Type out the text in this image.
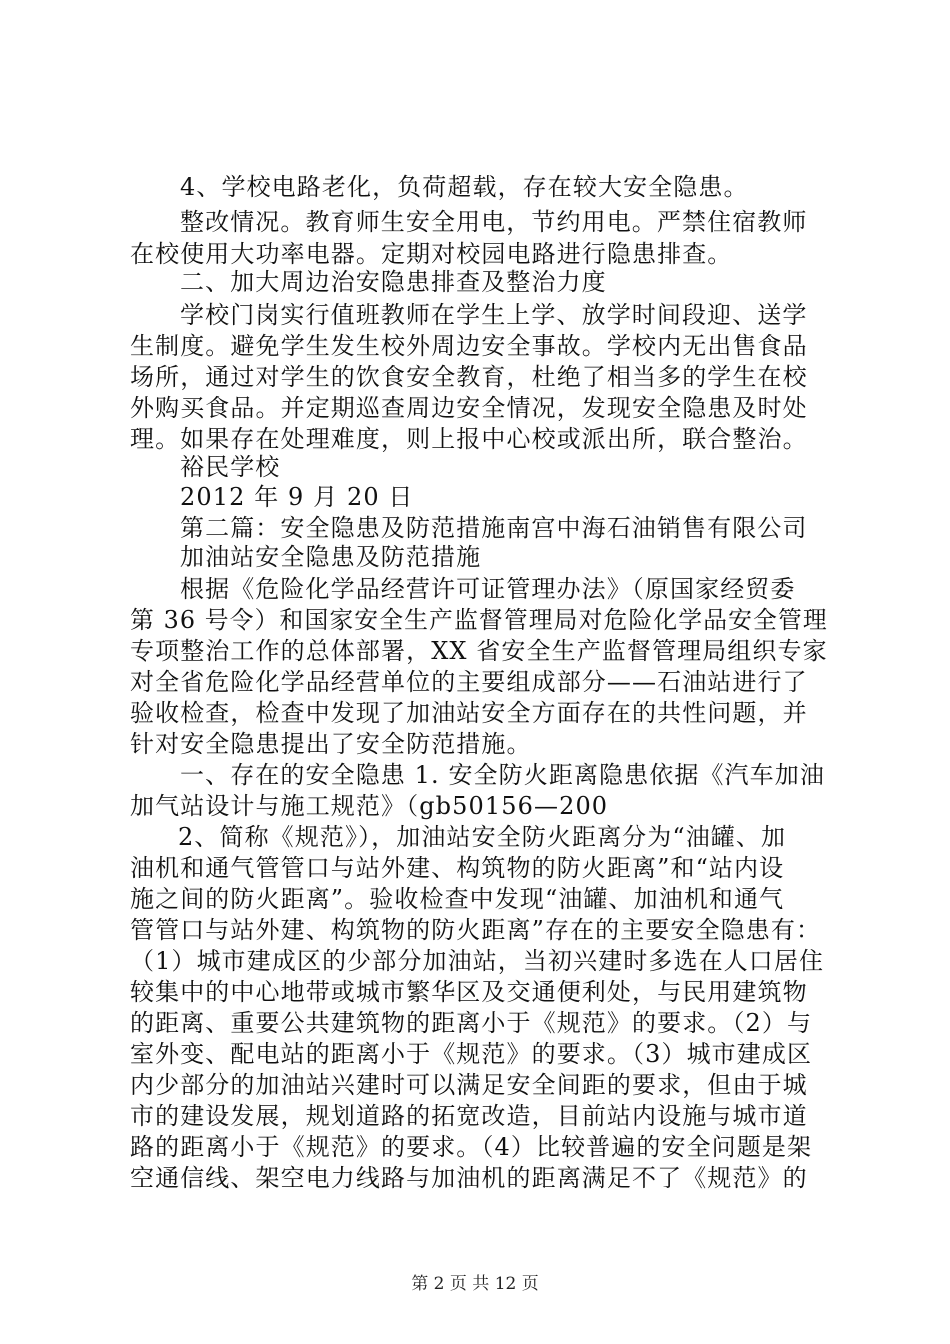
4、学校电路老化，负荷超载，存在较大安全隐患。
整改情况。教育师生安全用电，节约用电。严禁住宿教师
在校使用大功率电器。定期对校园电路进行隐患排查。
二、加大周边治安隐患排查及整治力度
学校门岗实行值班教师在学生上学、放学时间段迎、送学
生制度。避免学生发生校外周边安全事故。学校内无出售食品
场所，通过对学生的饮食安全教育，杜绝了相当多的学生在校
外购买食品。并定期巡查周边安全情况，发现安全隐患及时处
理。如果存在处理难度，则上报中心校或派出所，联合整治。
裕民学校
2012 年 9 月 20 日
第二篇：安全隐患及防范措施南宫中海石油销售有限公司
加油站安全隐患及防范措施
根据《危险化学品经营许可证管理办法》（原国家经贸委
第 36 号令）和国家安全生产监督管理局对危险化学品安全管理
专项整治工作的总体部署，XX 省安全生产监督管理局组织专家
对全省危险化学品经营单位的主要组成部分——石油站进行了
验收检查，检查中发现了加油站安全方面存在的共性问题，并
针对安全隐患提出了安全防范措施。
一、存在的安全隐患 1. 安全防火距离隐患依据《汽车加油
加气站设计与施工规范》（gb50156—200
2、简称《规范》），加油站安全防火距离分为“油罐、加
油机和通气管管口与站外建、构筑物的防火距离”和“站内设
施之间的防火距离”。验收检查中发现“油罐、加油机和通气
管管口与站外建、构筑物的防火距离”存在的主要安全隐患有：
（1）城市建成区的少部分加油站，当初兴建时多选在人口居住
较集中的中心地带或城市繁华区及交通便利处，与民用建筑物
的距离、重要公共建筑物的距离小于《规范》的要求。（2）与
室外变、配电站的距离小于《规范》的要求。（3）城市建成区
内少部分的加油站兴建时可以满足安全间距的要求，但由于城
市的建设发展，规划道路的拓宽改造，目前站内设施与城市道
路的距离小于《规范》的要求。（4）比较普遍的安全问题是架
空通信线、架空电力线路与加油机的距离满足不了《规范》的
第 2 页 共 12 页
